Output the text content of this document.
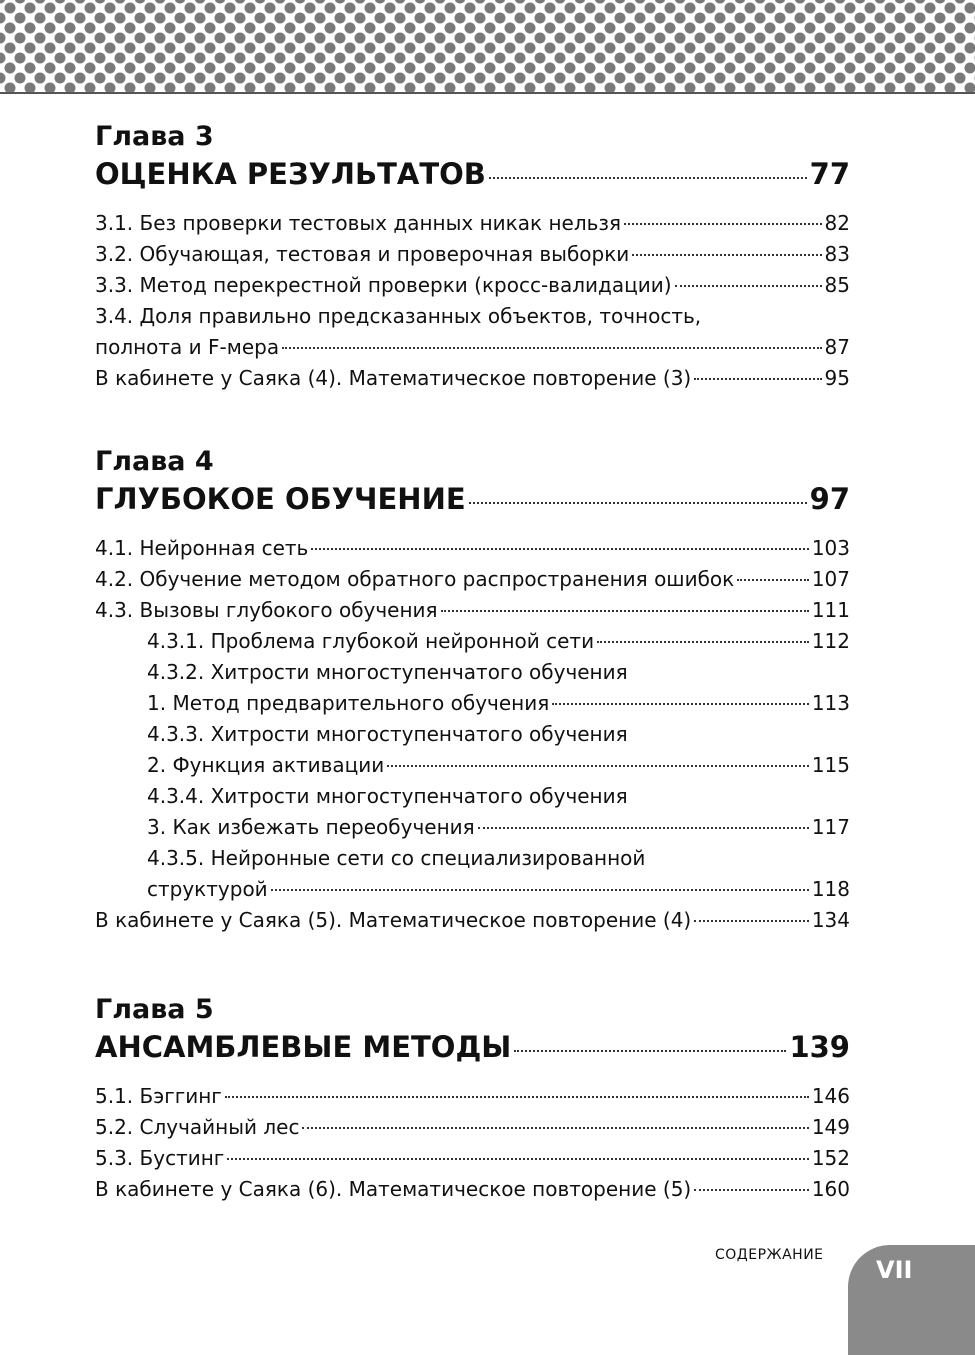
Глава 3
ОЦЕНКА РЕЗУЛЬТАТОВ	77
3.1. Без проверки тестовых данных никак нельзя	82
3.2. Обучающая, тестовая и проверочная выборки	83
3.3. Метод перекрестной проверки (кросс-валидации)	85
3.4. Доля правильно предсказанных объектов, точность,
полнота и F-мера	87
В кабинете у Саяка (4). Математическое повторение (3)	95
Глава 4
ГЛУБОКОЕ ОБУЧЕНИЕ	97
4.1. Нейронная сеть	103
4.2. Обучение методом обратного распространения ошибок	107
4.3. Вызовы глубокого обучения	111
4.3.1. Проблема глубокой нейронной сети	112
4.3.2. Хитрости многоступенчатого обучения
1. Метод предварительного обучения	113
4.3.3. Хитрости многоступенчатого обучения
2. Функция активации	115
4.3.4. Хитрости многоступенчатого обучения
3. Как избежать переобучения	117
4.3.5. Нейронные сети со специализированной
структурой	118
В кабинете у Саяка (5). Математическое повторение (4)	134
Глава 5
АНСАМБЛЕВЫЕ МЕТОДЫ	139
5.1. Бэггинг	146
5.2. Случайный лес	149
5.3. Бустинг	152
В кабинете у Саяка (6). Математическое повторение (5)	160
СОДЕРЖАНИЕ
VII
